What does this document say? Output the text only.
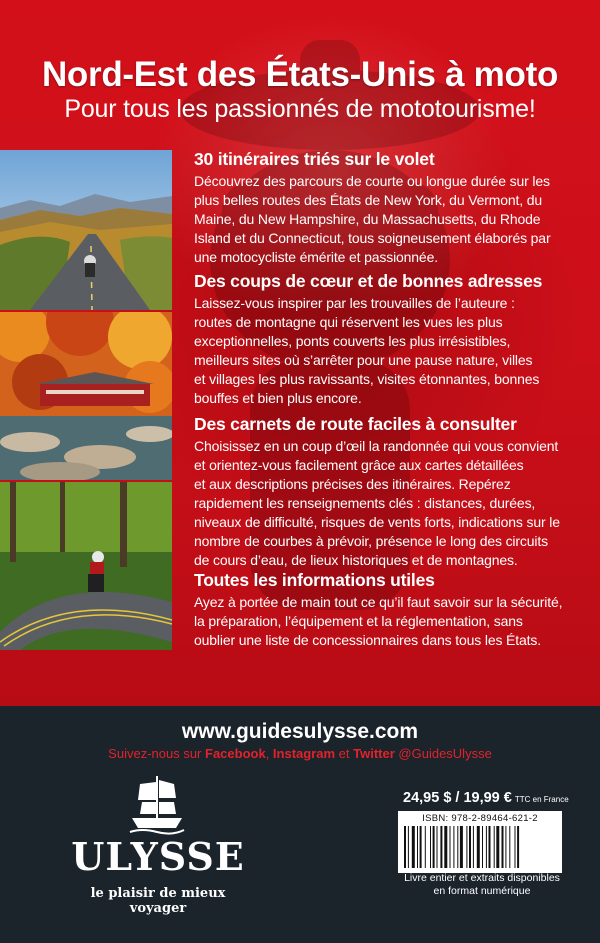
Nord-Est des États-Unis à moto
Pour tous les passionnés de mototourisme!
30 itinéraires triés sur le volet

Découvrez des parcours de courte ou longue durée sur les
plus belles routes des États de New York, du Vermont, du
Maine, du New Hampshire, du Massachusetts, du Rhode
Island et du Connecticut, tous soigneusement élaborés par
une motocycliste émérite et passionnée.

Des coups de cœur et de bonnes adresses

Laissez-vous inspirer par les trouvailles de l’auteure :
routes de montagne qui réservent les vues les plus
exceptionnelles, ponts couverts les plus irrésistibles,
meilleurs sites où s’arrêter pour une pause nature, villes
et villages les plus ravissants, visites étonnantes, bonnes
bouffes et bien plus encore.

Des carnets de route faciles à consulter

Choisissez en un coup d’œil la randonnée qui vous convient
et orientez-vous facilement grâce aux cartes détaillées
et aux descriptions précises des itinéraires. Repérez
rapidement les renseignements clés : distances, durées,
niveaux de difficulté, risques de vents forts, indications sur le
nombre de courbes à prévoir, présence le long des circuits
de cours d’eau, de lieux historiques et de montagnes.

Toutes les informations utiles

Ayez à portée de main tout ce qu’il faut savoir sur la sécurité,
la préparation, l’équipement et la réglementation, sans
oublier une liste de concessionnaires dans tous les États.

www.guidesulysse.com
Suivez-nous sur Facebook, Instagram et Twitter @GuidesUlysse
ULYSSE
le plaisir de mieux voyager
24,95 $ / 19,99 € TTC en France
ISBN: 978-2-89464-621-2
Livre entier et extraits disponibles
en format numérique
